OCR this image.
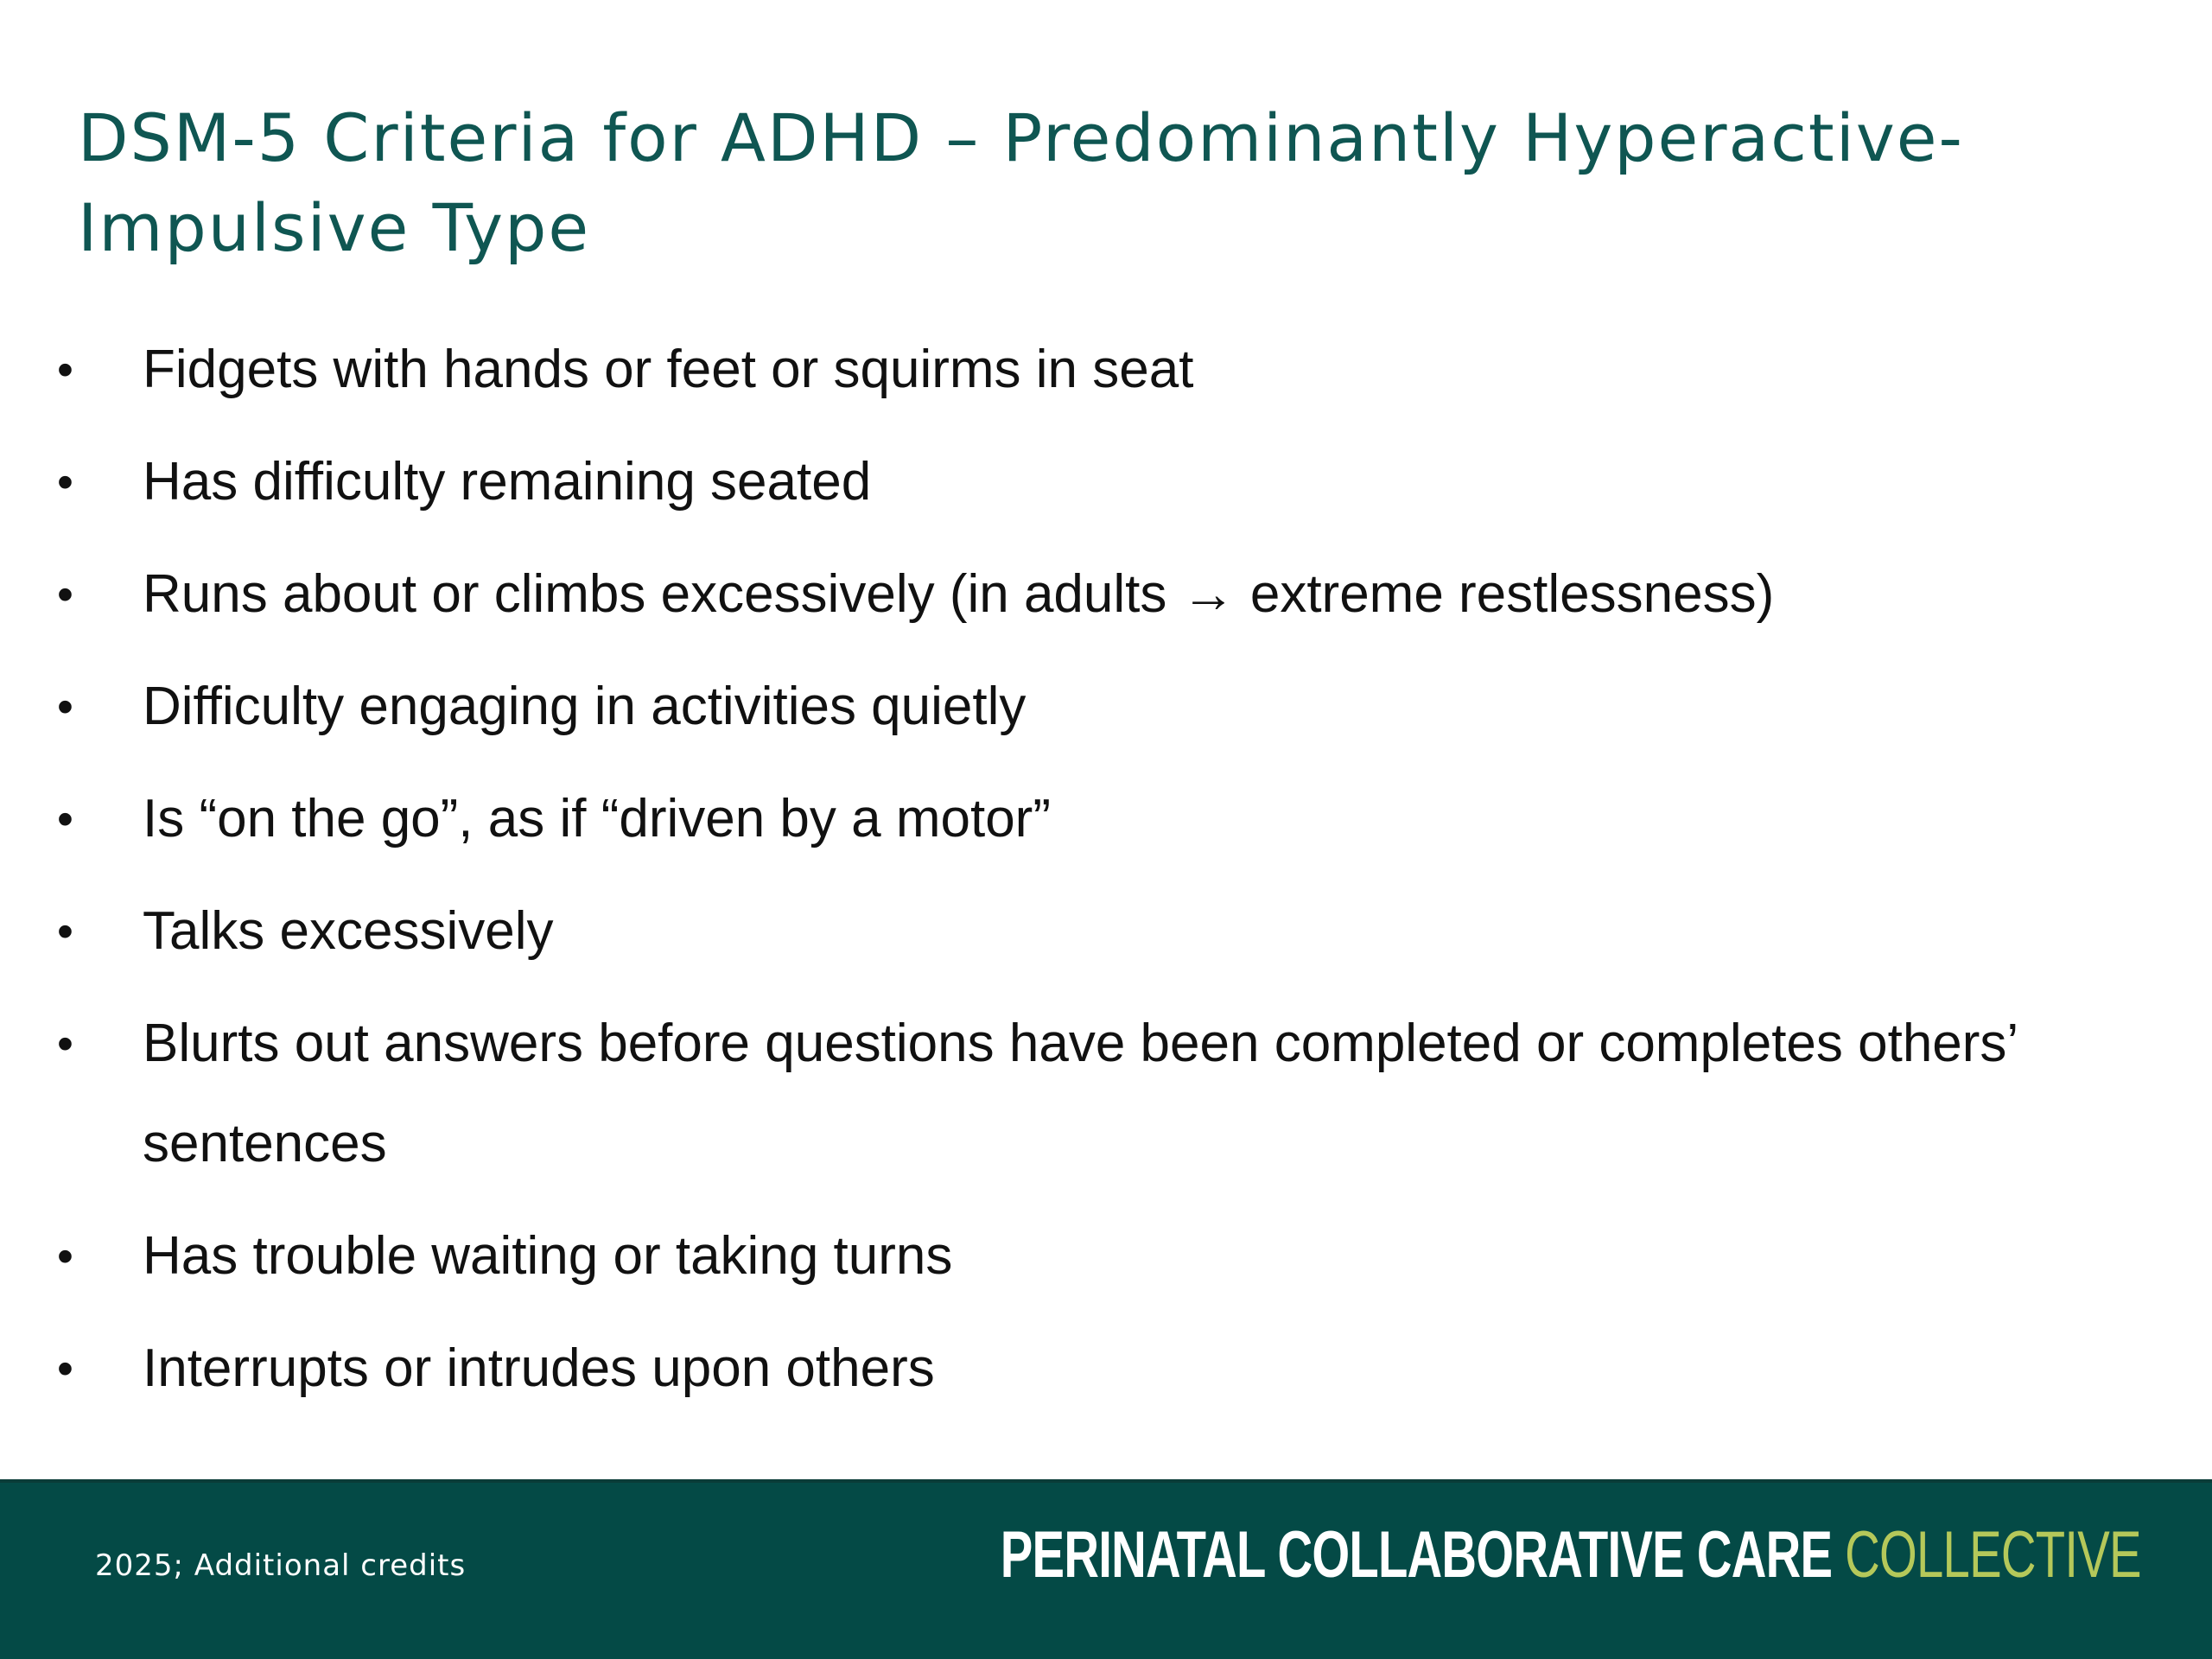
DSM-5 Criteria for ADHD – Predominantly Hyperactive-Impulsive Type
• Fidgets with hands or feet or squirms in seat
• Has difficulty remaining seated
• Runs about or climbs excessively (in adults → extreme restlessness)
• Difficulty engaging in activities quietly
• Is “on the go”, as if “driven by a motor”
• Talks excessively
• Blurts out answers before questions have been completed or completes others’ sentences
• Has trouble waiting or taking turns
• Interrupts or intrudes upon others
2025; Additional credits	PERINATAL COLLABORATIVE CARE COLLECTIVE
